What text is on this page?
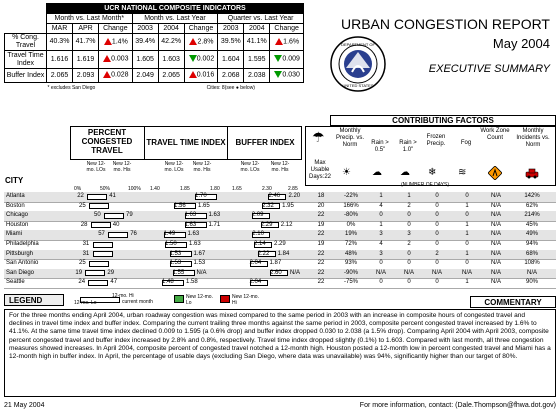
	UCR NATIONAL COMPOSITE INDICATORS								
	Month vs. Last Month*			Month vs. Last Year			Quarter vs. Last Year		
	MAR	APR	Change	2003	2004	Change	2003	2004	Change
% Cong. Travel	40.3%	41.7%	1.4%	39.4%	42.2%	2.8%	39.5%	41.1%	1.6%
Travel Time Index	1.616	1.619	0.003	1.605	1.603	0.002	1.604	1.595	0.009
Buffer Index	2.065	2.093	0.028	2.049	2.065	0.016	2.068	2.038	0.030
	* excludes San Diego				Cities: 8(see ● below)				
URBAN CONGESTION REPORT
May 2004
EXECUTIVE SUMMARY
DEPARTMENT OF
UNITED STATES
PERCENT CONGESTED TRAVEL
TRAVEL TIME INDEX	BUFFER INDEX
New 12-mo. LOs
New 12-mo. His
New 12-mo. LOs
New 12-mo. His
New 12-mo. LOs
New 12-mo. His
CITY
0%	50%	100% 1.40	1.85	1.80 1.65	2.30	2.85
CONTRIBUTING FACTORS
Max Usable Days:22
Monthly Precip. vs. Norm	Rain > 0.5"
Rain > 1.0"
Frozen Precip.	Fog
Work Zone Count
Monthly Incidents vs. Norm
(NUMBER OF DAYS)
☂
☀ ☁ ☁ ❄ ≋
Atlanta	22	41	1.70	2.46 2.20	18	-22%	1	1	0	0	N/A	142%
Boston	25	1.56 1.65	2.32 1.95	20	166%	4	2	0	1	N/A	62%
Chicago	50	79	1.63 1.63	2.09	22	-80%	0	0	0	0	N/A	214%
Houston	28	40	1.63 1.71	2.29 2.12	19	0%	1	0	0	1	N/A	45%
Miami	57	76	1.49 1.63	2.10	22	19%	3	3	0	1	N/A	49%
Philadelphia	31	1.50 1.63	2.14 2.29	19	72%	4	2	0	0	N/A	94%
Pittsburgh	31	1.53 1.67	2.22 1.84	22	48%	3	0	2	1	N/A	68%
San Antonio	25	1.53 1.53	2.04 1.87	22	93%	0	0	0	0	N/A	108%
San Diego	19	29	1.55 N/A	2.60 N/A	22	-90%	N/A	N/A	N/A	N/A	N/A	N/A
Seattle	24	47	1.48 1.58	2.04	22	-75%	0	0	0	1	N/A	90%
LEGEND	12-mo. Lo
12-mo. Hi
current month
New 12-mo. Lo
New 12-mo. Hi	COMMENTARY
For the three months ending April 2004, urban roadway congestion was mixed compared to the same period in 2003 with an increase in composite hours of congested travel and declines in travel time index and buffer index. Comparing the current trailing three months against the same period in 2003, composite percent congested travel increased by 1.6% to 41.1%. At the same time travel time index declined 0.009 to 1.595 (a 0.6% drop) and buffer index dropped 0.030 to 2.038 (a 1.5% drop). Comparing April 2004 with April 2003, composite percent congested travel and buffer index increased by 2.8% and 0.8%, respectively. Travel time index dropped slightly (0.1%) to 1.603. Compared with last month, all three congestion measures showed increases. In April 2004, composite percent of congested travel notched a 12-month high. Houston posted a 12-month low in percent congested travel and Miami has a 12-month high in buffer index. In April, the percentage of usable days (excluding San Diego, where data was unavailable) was 94%, significantly higher than our target of 80%.
21 May 2004	For more information, contact: (Dale.Thompson@fhwa.dot.gov)
